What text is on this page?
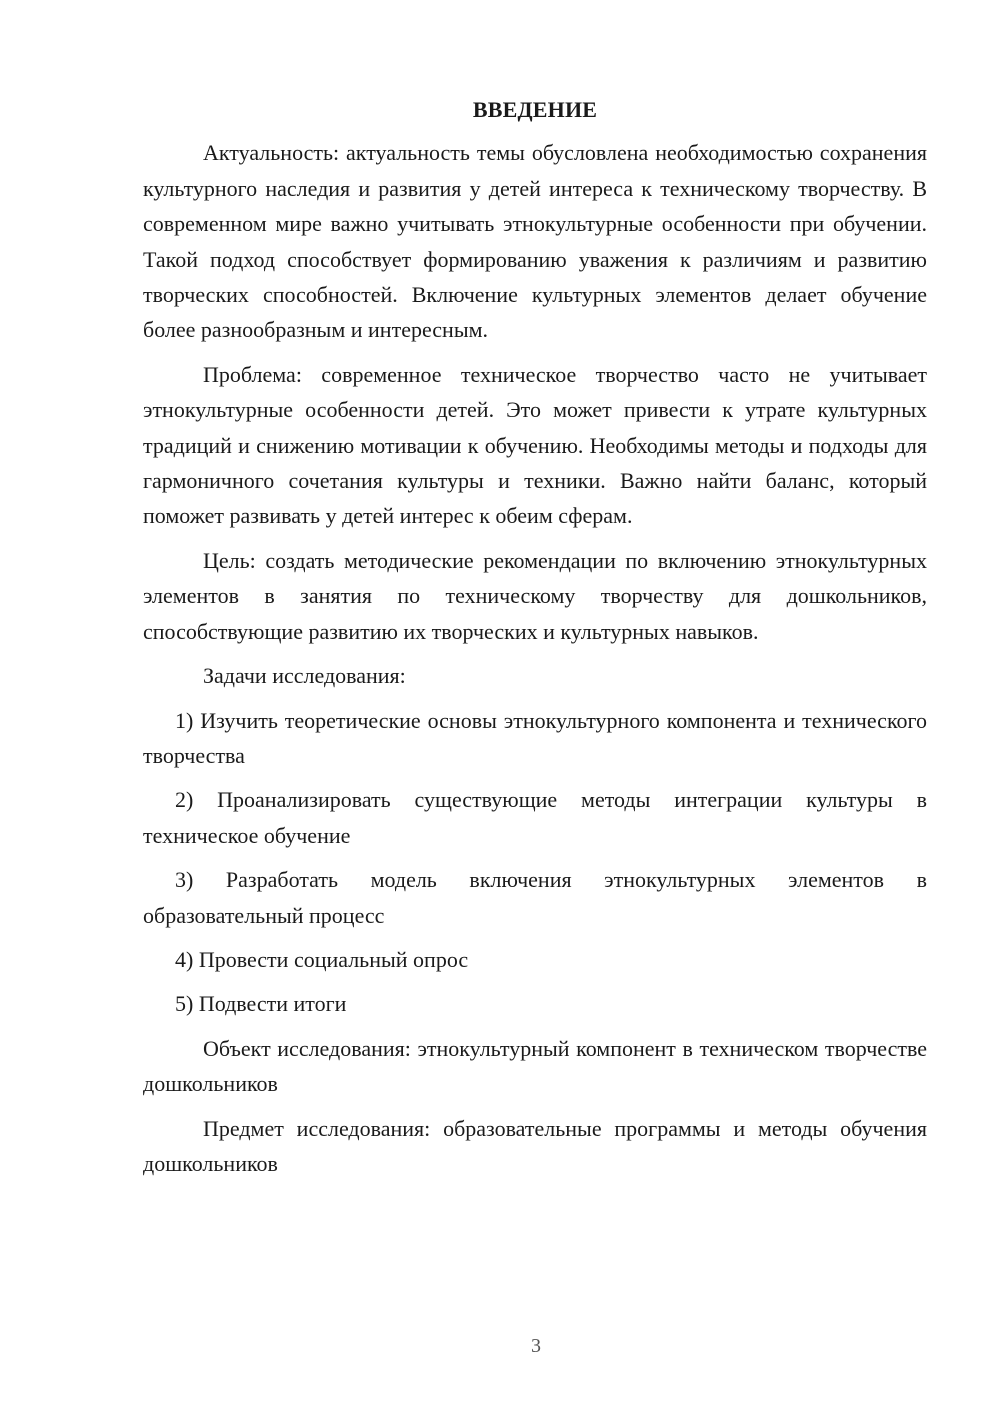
ВВЕДЕНИЕ
Актуальность: актуальность темы обусловлена необходимостью сохранения культурного наследия и развития у детей интереса к техническому творчеству. В современном мире важно учитывать этнокультурные особенности при обучении. Такой подход способствует формированию уважения к различиям и развитию творческих способностей. Включение культурных элементов делает обучение более разнообразным и интересным.
Проблема: современное техническое творчество часто не учитывает этнокультурные особенности детей. Это может привести к утрате культурных традиций и снижению мотивации к обучению. Необходимы методы и подходы для гармоничного сочетания культуры и техники. Важно найти баланс, который поможет развивать у детей интерес к обеим сферам.
Цель: создать методические рекомендации по включению этнокультурных элементов в занятия по техническому творчеству для дошкольников, способствующие развитию их творческих и культурных навыков.
Задачи исследования:
1) Изучить теоретические основы этнокультурного компонента и технического творчества
2) Проанализировать существующие методы интеграции культуры в техническое обучение
3) Разработать модель включения этнокультурных элементов в образовательный процесс
4) Провести социальный опрос
5) Подвести итоги
Объект исследования: этнокультурный компонент в техническом творчестве дошкольников
Предмет исследования: образовательные программы и методы обучения дошкольников
3
